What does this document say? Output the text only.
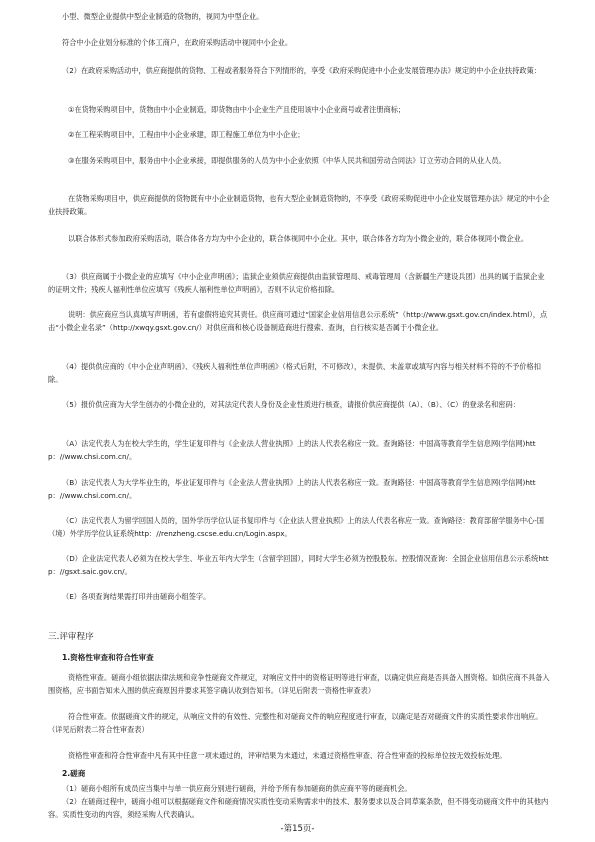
小型、微型企业提供中型企业制造的货物的，视同为中型企业。

符合中小企业划分标准的个体工商户，在政府采购活动中视同中小企业。

（2）在政府采购活动中，供应商提供的货物、工程或者服务符合下列情形的，享受《政府采购促进中小企业发展管理办法》规定的中小企业扶持政策：

①在货物采购项目中，货物由中小企业制造，即货物由中小企业生产且使用该中小企业商号或者注册商标；

②在工程采购项目中，工程由中小企业承建，即工程施工单位为中小企业；

③在服务采购项目中，服务由中小企业承接，即提供服务的人员为中小企业依照《中华人民共和国劳动合同法》订立劳动合同的从业人员。

在货物采购项目中，供应商提供的货物既有中小企业制造货物，也有大型企业制造货物的，不享受《政府采购促进中小企业发展管理办法》规定的中小企业扶持政策。

以联合体形式参加政府采购活动，联合体各方均为中小企业的，联合体视同中小企业。其中，联合体各方均为小微企业的，联合体视同小微企业。

（3）供应商属于小微企业的应填写《中小企业声明函》；监狱企业须供应商提供由监狱管理局、戒毒管理局（含新疆生产建设兵团）出具的属于监狱企业的证明文件；残疾人福利性单位应填写《残疾人福利性单位声明函》，否则不认定价格扣除。

说明：供应商应当认真填写声明函，若有虚假将追究其责任。供应商可通过“国家企业信用信息公示系统”（http://www.gsxt.gov.cn/index.html），点击“小微企业名录”（http://xwqy.gsxt.gov.cn/）对供应商和核心设备制造商进行搜索、查询，自行核实是否属于小微企业。

（4）提供供应商的《中小企业声明函》、《残疾人福利性单位声明函》（格式后附，不可修改），未提供、未盖章或填写内容与相关材料不符的不予价格扣除。

（5）报价供应商为大学生创办的小微企业的，对其法定代表人身份及企业性质进行核查，请报价供应商提供（A）、（B）、（C）的登录名和密码：

（A）法定代表人为在校大学生的，学生证复印件与《企业法人营业执照》上的法人代表名称应一致。查询路径：中国高等教育学生信息网(学信网)http：//www.chsi.com.cn/。

（B）法定代表人为大学毕业生的，毕业证复印件与《企业法人营业执照》上的法人代表名称应一致。查询路径：中国高等教育学生信息网(学信网)http：//www.chsi.com.cn/。

（C）法定代表人为留学回国人员的，国外学历学位认证书复印件与《企业法人营业执照》上的法人代表名称应一致。查询路径：教育部留学服务中心-国（境）外学历学位认证系统http：//renzheng.cscse.edu.cn/Login.aspx。

（D）企业法定代表人必须为在校大学生、毕业五年内大学生（含留学回国），同时大学生必须为控股股东。控股情况查询：全国企业信用信息公示系统http：//gsxt.saic.gov.cn/。

（E）各项查询结果需打印并由磋商小组签字。

三.评审程序

1.资格性审查和符合性审查

资格性审查。磋商小组依据法律法规和竞争性磋商文件规定，对响应文件中的资格证明等进行审查，以确定供应商是否具备入围资格。如供应商不具备入围资格，应书面告知未入围的供应商原因并要求其签字确认收到告知书。（详见后附表一资格性审查表）

符合性审查。依据磋商文件的规定，从响应文件的有效性、完整性和对磋商文件的响应程度进行审查，以确定是否对磋商文件的实质性要求作出响应。（详见后附表二符合性审查表）

资格性审查和符合性审查中凡有其中任意一项未通过的，评审结果为未通过，未通过资格性审查、符合性审查的投标单位按无效投标处理。

2.磋商

（1）磋商小组所有成员应当集中与单一供应商分别进行磋商，并给予所有参加磋商的供应商平等的磋商机会。

（2）在磋商过程中，磋商小组可以根据磋商文件和磋商情况实质性变动采购需求中的技术、服务要求以及合同草案条款，但不得变动磋商文件中的其他内容。实质性变动的内容，须经采购人代表确认。

-第15页-
